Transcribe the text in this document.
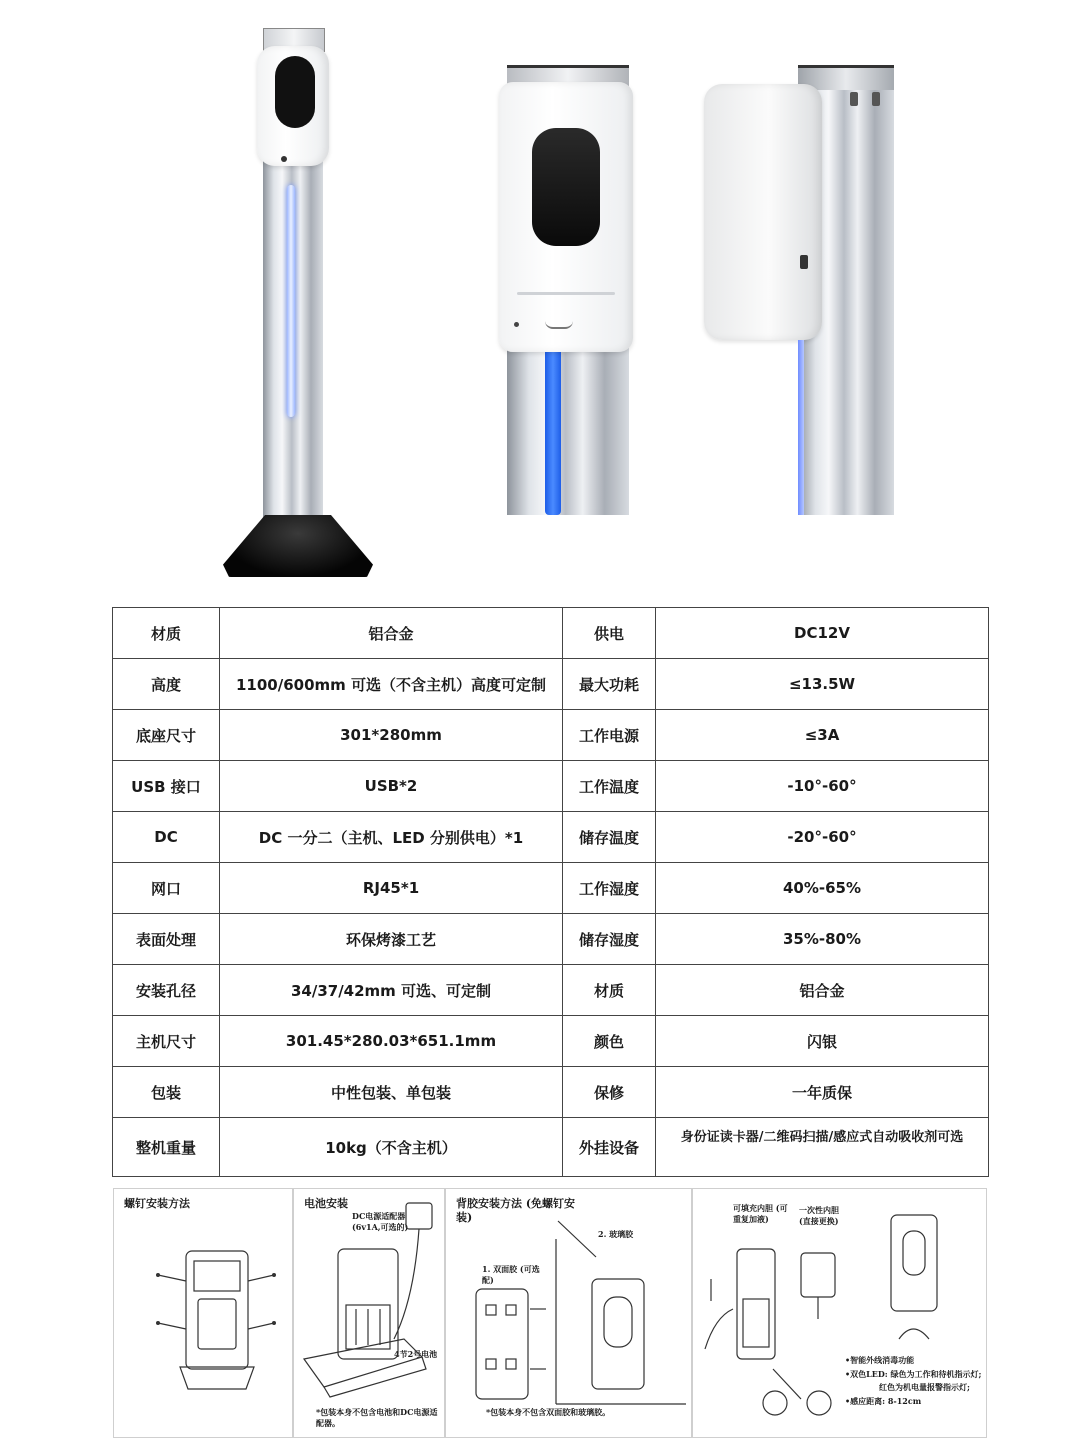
材质	铝合金	供电	DC12V
高度	1100/600mm 可选（不含主机）高度可定制	最大功耗	≤13.5W
底座尺寸	301*280mm	工作电源	≤3A
USB 接口	USB*2	工作温度	-10°-60°
DC	DC 一分二（主机、LED 分别供电）*1	储存温度	-20°-60°
网口	RJ45*1	工作湿度	40%-65%
表面处理	环保烤漆工艺	储存湿度	35%-80%
安装孔径	34/37/42mm 可选、可定制	材质	铝合金
主机尺寸	301.45*280.03*651.1mm	颜色	闪银
包装	中性包装、单包装	保修	一年质保
整机重量	10kg（不含主机）	外挂设备	身份证读卡器/二维码扫描/感应式自动吸收剂可选
螺钉安装方法	电池安装
DC电源适配器 (6v1A,可选的)
4节2号电池
*包装本身不包含电池和DC电源适配器。
背胶安装方法 (免螺钉安装)
1. 双面胶 (可选配)
2. 玻璃胶
*包装本身不包含双面胶和玻璃胶。
可填充内胆 (可重复加液)
一次性内胆 (直接更换)
•智能外线消毒功能
•双色LED: 绿色为工作和待机指示灯;
红色为机电量报警指示灯;
•感应距离: 8-12cm
